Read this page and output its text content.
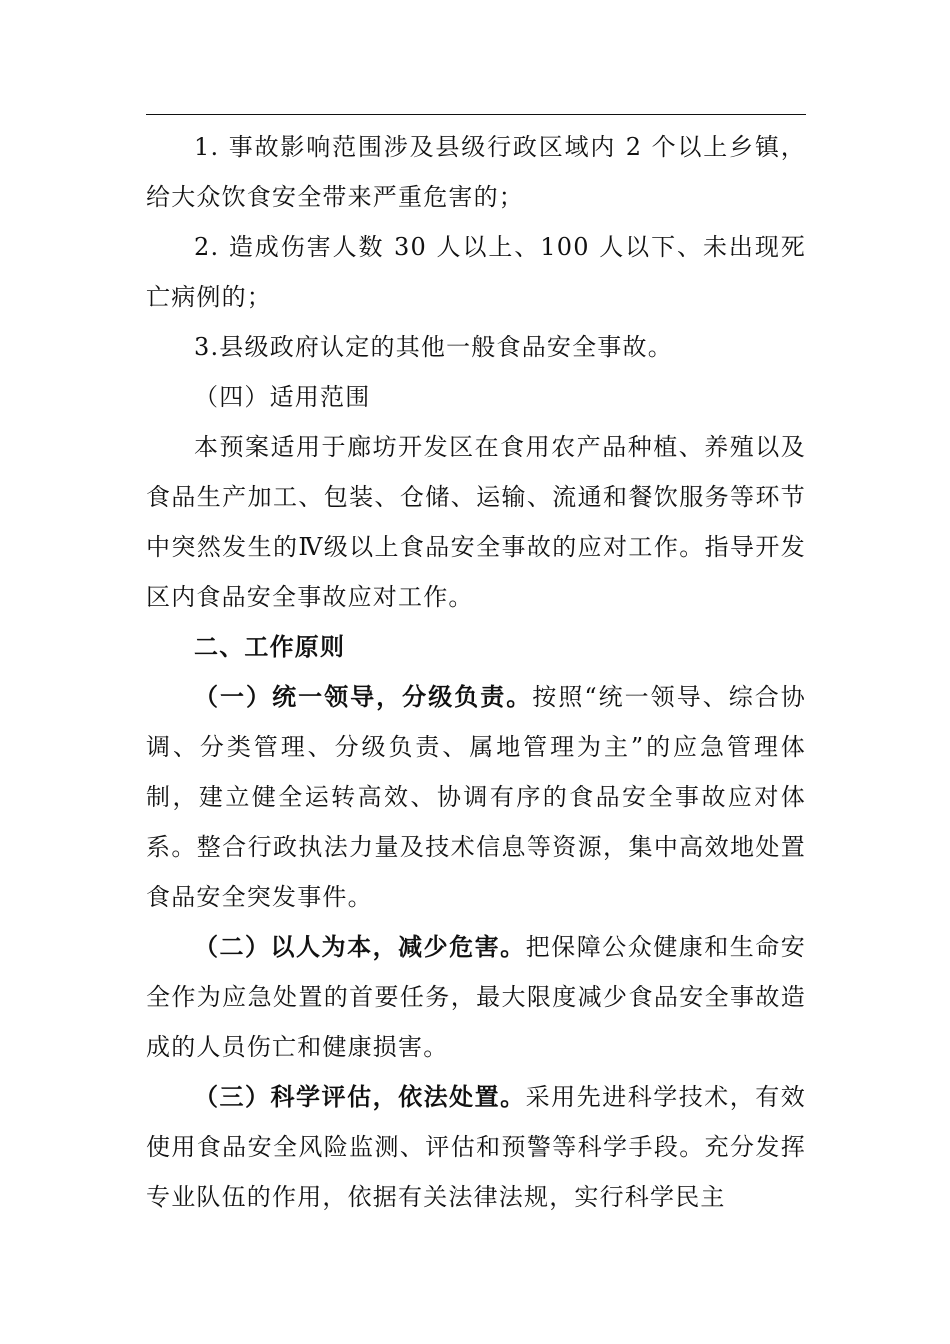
1. 事故影响范围涉及县级行政区域内 2 个以上乡镇，给大众饮食安全带来严重危害的；

2. 造成伤害人数 30 人以上、100 人以下、未出现死亡病例的；

3.县级政府认定的其他一般食品安全事故。

（四）适用范围

本预案适用于廊坊开发区在食用农产品种植、养殖以及食品生产加工、包装、仓储、运输、流通和餐饮服务等环节中突然发生的Ⅳ级以上食品安全事故的应对工作。指导开发区内食品安全事故应对工作。

二、工作原则

（一）统一领导，分级负责。按照“统一领导、综合协调、分类管理、分级负责、属地管理为主”的应急管理体制，建立健全运转高效、协调有序的食品安全事故应对体系。整合行政执法力量及技术信息等资源，集中高效地处置食品安全突发事件。

（二）以人为本，减少危害。把保障公众健康和生命安全作为应急处置的首要任务，最大限度减少食品安全事故造成的人员伤亡和健康损害。

（三）科学评估，依法处置。采用先进科学技术，有效使用食品安全风险监测、评估和预警等科学手段。充分发挥专业队伍的作用，依据有关法律法规，实行科学民主
